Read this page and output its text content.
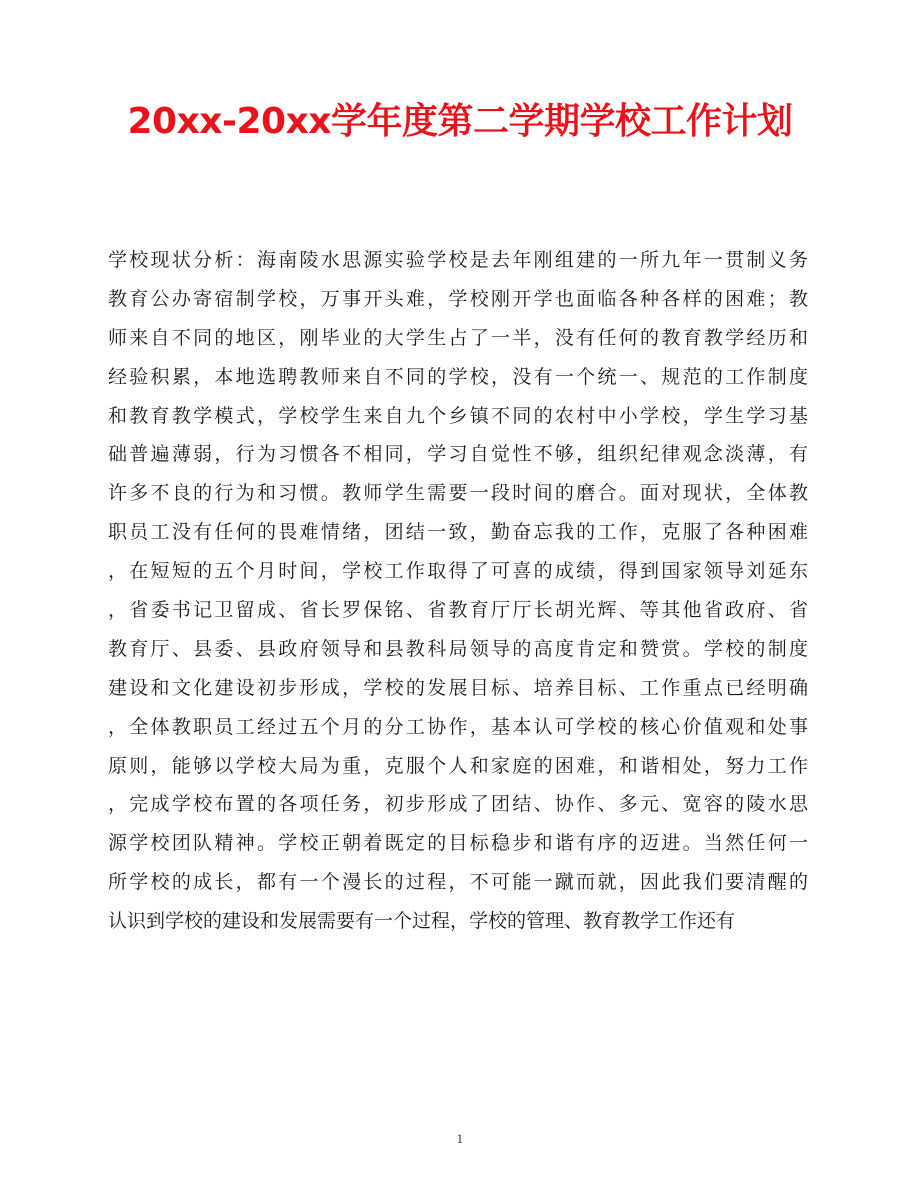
20xx-20xx学年度第二学期学校工作计划
学校现状分析：海南陵水思源实验学校是去年刚组建的一所九年一贯制义务
教育公办寄宿制学校，万事开头难，学校刚开学也面临各种各样的困难；教
师来自不同的地区，刚毕业的大学生占了一半，没有任何的教育教学经历和
经验积累，本地选聘教师来自不同的学校，没有一个统一、规范的工作制度
和教育教学模式，学校学生来自九个乡镇不同的农村中小学校，学生学习基
础普遍薄弱，行为习惯各不相同，学习自觉性不够，组织纪律观念淡薄，有
许多不良的行为和习惯。教师学生需要一段时间的磨合。面对现状，全体教
职员工没有任何的畏难情绪，团结一致，勤奋忘我的工作，克服了各种困难
，在短短的五个月时间，学校工作取得了可喜的成绩，得到国家领导刘延东
，省委书记卫留成、省长罗保铭、省教育厅厅长胡光辉、等其他省政府、省
教育厅、县委、县政府领导和县教科局领导的高度肯定和赞赏。学校的制度
建设和文化建设初步形成，学校的发展目标、培养目标、工作重点已经明确
，全体教职员工经过五个月的分工协作，基本认可学校的核心价值观和处事
原则，能够以学校大局为重，克服个人和家庭的困难，和谐相处，努力工作
，完成学校布置的各项任务，初步形成了团结、协作、多元、宽容的陵水思
源学校团队精神。学校正朝着既定的目标稳步和谐有序的迈进。当然任何一
所学校的成长，都有一个漫长的过程，不可能一蹴而就，因此我们要清醒的
认识到学校的建设和发展需要有一个过程，学校的管理、教育教学工作还有
1
